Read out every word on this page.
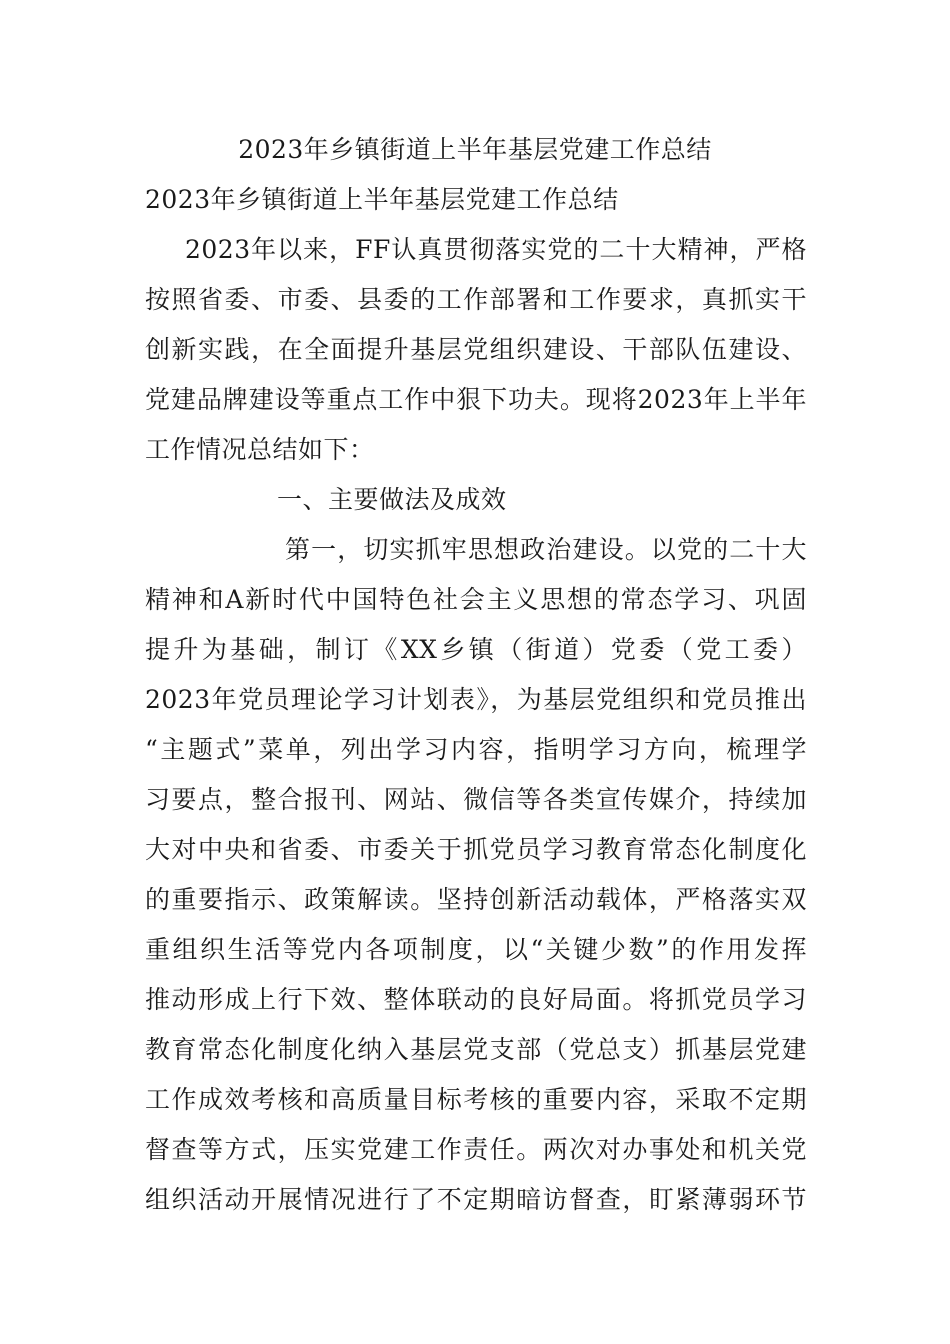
2023年乡镇街道上半年基层党建工作总结
2023年乡镇街道上半年基层党建工作总结
2023年以来，FF认真贯彻落实党的二十大精神，严格
按照省委、市委、县委的工作部署和工作要求，真抓实干
创新实践，在全面提升基层党组织建设、干部队伍建设、
党建品牌建设等重点工作中狠下功夫。现将2023年上半年
工作情况总结如下：
一、主要做法及成效
第一，切实抓牢思想政治建设。以党的二十大
精神和A新时代中国特色社会主义思想的常态学习、巩固
提升为基础，制订《XX乡镇（街道）党委（党工委）
2023年党员理论学习计划表》，为基层党组织和党员推出
“主题式”菜单，列出学习内容，指明学习方向，梳理学
习要点，整合报刊、网站、微信等各类宣传媒介，持续加
大对中央和省委、市委关于抓党员学习教育常态化制度化
的重要指示、政策解读。坚持创新活动载体，严格落实双
重组织生活等党内各项制度，以“关键少数”的作用发挥
推动形成上行下效、整体联动的良好局面。将抓党员学习
教育常态化制度化纳入基层党支部（党总支）抓基层党建
工作成效考核和高质量目标考核的重要内容，采取不定期
督查等方式，压实党建工作责任。两次对办事处和机关党
组织活动开展情况进行了不定期暗访督查，盯紧薄弱环节
